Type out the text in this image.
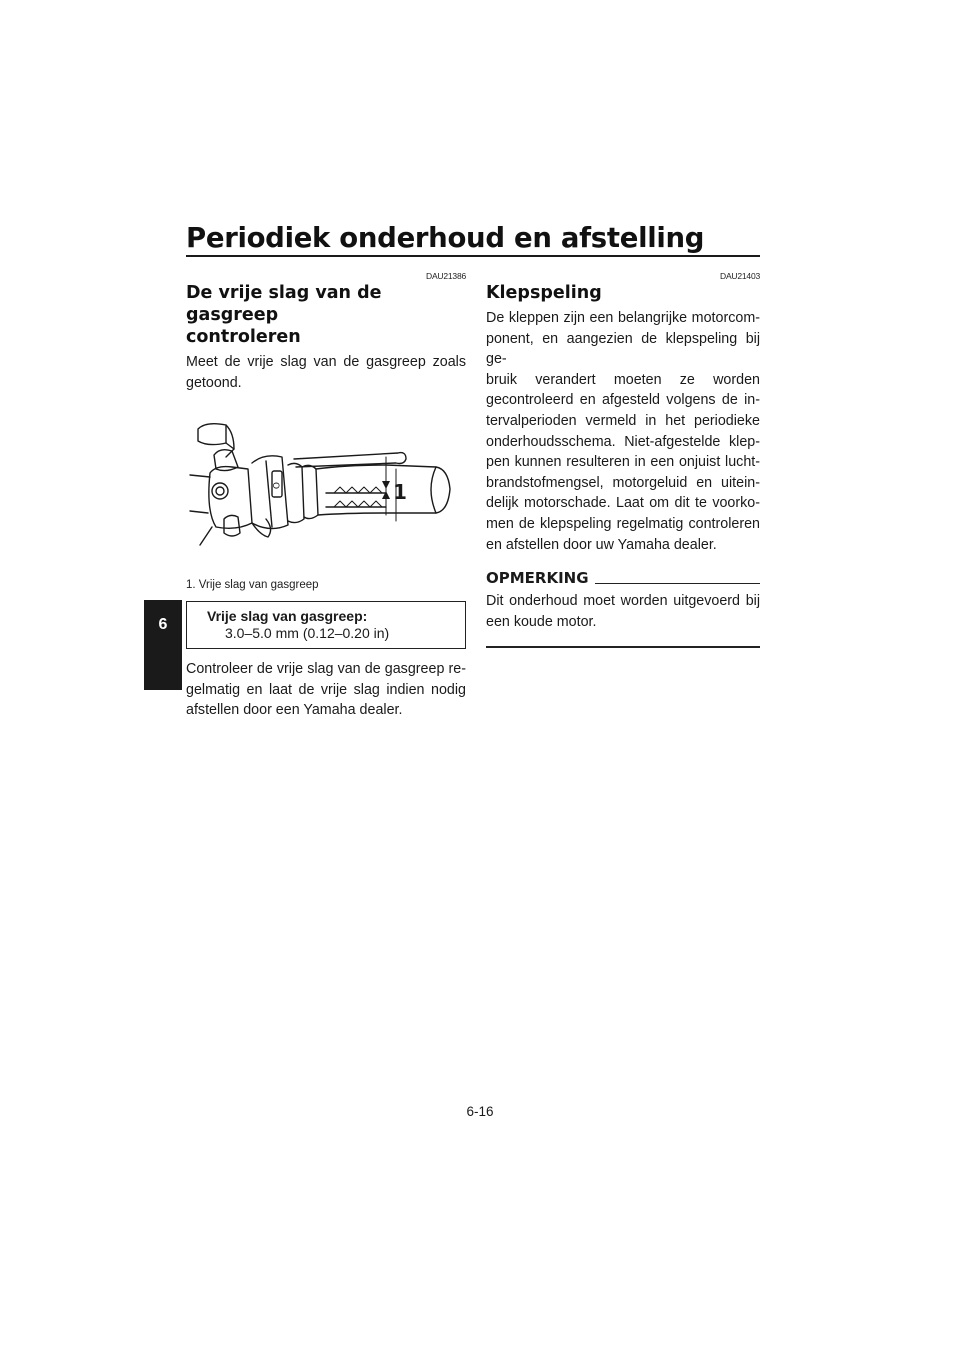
Periodiek onderhoud en afstelling
6
DAU21386
De vrije slag van de gasgreep
controleren

Meet de vrije slag van de gasgreep zoals getoond.

O	1
1. Vrije slag van gasgreep
Vrije slag van gasgreep:
3.0–5.0 mm (0.12–0.20 in)
Controleer de vrije slag van de gasgreep re-
gelmatig en laat de vrije slag indien nodig
afstellen door een Yamaha dealer.
DAU21403
Klepspeling
De kleppen zijn een belangrijke motorcom-
ponent, en aangezien de klepspeling bij ge-
bruik verandert moeten ze worden
gecontroleerd en afgesteld volgens de in-
tervalperioden vermeld in het periodieke
onderhoudsschema. Niet-afgestelde klep-
pen kunnen resulteren in een onjuist lucht-
brandstofmengsel, motorgeluid en uitein-
delijk motorschade. Laat om dit te voorko-
men de klepspeling regelmatig controleren
en afstellen door uw Yamaha dealer.
OPMERKING
Dit onderhoud moet worden uitgevoerd bij
een koude motor.
6-16
